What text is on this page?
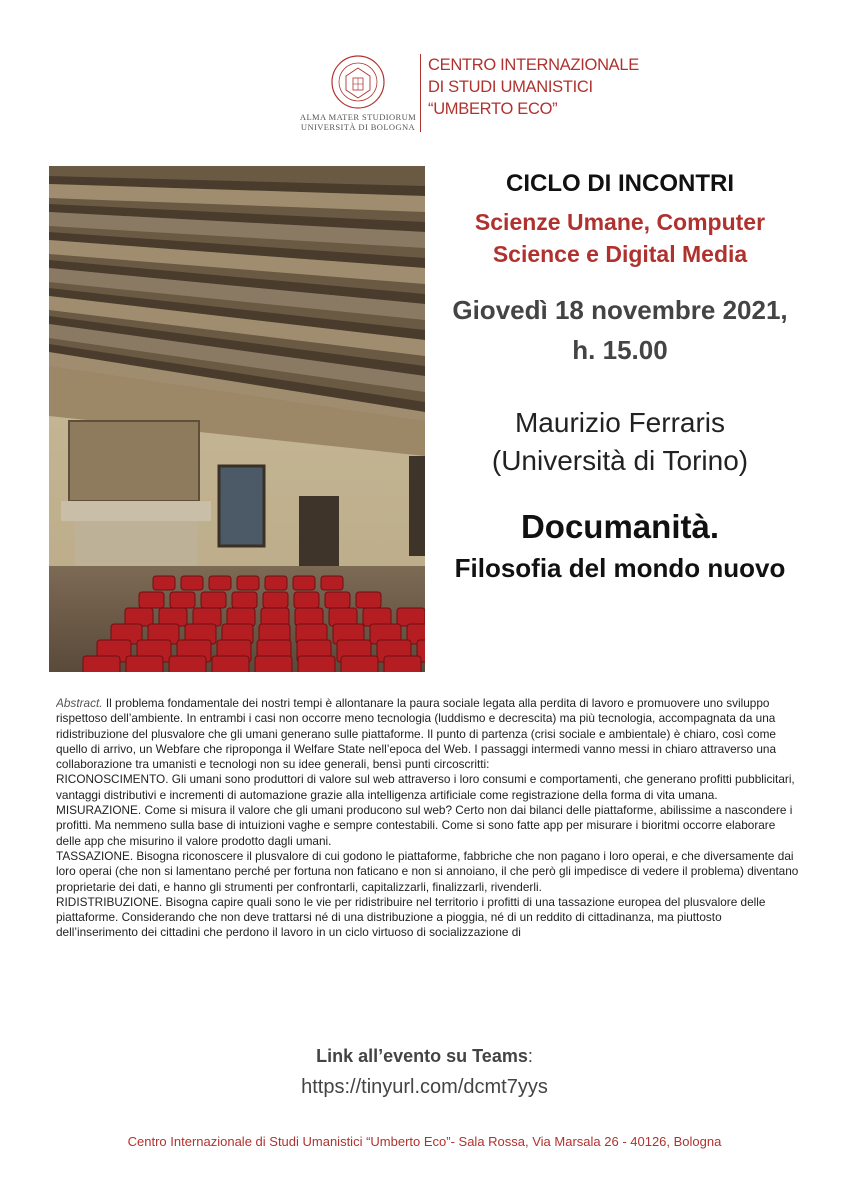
ALMA MATER STUDIORUM
UNIVERSITÀ DI BOLOGNA
CENTRO INTERNAZIONALE
DI STUDI UMANISTICI
“UMBERTO ECO”
CICLO DI INCONTRI
Scienze Umane, Computer Science e Digital Media
Giovedì 18 novembre 2021, h. 15.00
Maurizio Ferraris
(Università di Torino)
Documanità.
Filosofia del mondo nuovo

Abstract. Il problema fondamentale dei nostri tempi è allontanare la paura sociale legata alla perdita di lavoro e promuovere uno sviluppo rispettoso dell’ambiente. In entrambi i casi non occorre meno tecnologia (luddismo e decrescita) ma più tecnologia, accompagnata da una ridistribuzione del plusvalore che gli umani generano sulle piattaforme. Il punto di partenza (crisi sociale e ambientale) è chiaro, così come quello di arrivo, un Webfare che riproponga il Welfare State nell’epoca del Web. I passaggi intermedi vanno messi in chiaro attraverso una collaborazione tra umanisti e tecnologi non su idee generali, bensì punti circoscritti:

RICONOSCIMENTO. Gli umani sono produttori di valore sul web attraverso i loro consumi e comportamenti, che generano profitti pubblicitari, vantaggi distributivi e incrementi di automazione grazie alla intelligenza artificiale come registrazione della forma di vita umana.

MISURAZIONE. Come si misura il valore che gli umani producono sul web? Certo non dai bilanci delle piattaforme, abilissime a nascondere i profitti. Ma nemmeno sulla base di intuizioni vaghe e sempre contestabili. Come si sono fatte app per misurare i bioritmi occorre elaborare delle app che misurino il valore prodotto dagli umani.

TASSAZIONE. Bisogna riconoscere il plusvalore di cui godono le piattaforme, fabbriche che non pagano i loro operai, e che diversamente dai loro operai (che non si lamentano perché per fortuna non faticano e non si annoiano, il che però gli impedisce di vedere il problema) diventano proprietarie dei dati, e hanno gli strumenti per confrontarli, capitalizzarli, finalizzarli, rivenderli.

RIDISTRIBUZIONE. Bisogna capire quali sono le vie per ridistribuire nel territorio i profitti di una tassazione europea del plusvalore delle piattaforme. Considerando che non deve trattarsi né di una distribuzione a pioggia, né di un reddito di cittadinanza, ma piuttosto dell’inserimento dei cittadini che perdono il lavoro in un ciclo virtuoso di socializzazione di

Link all’evento su Teams:
https://tinyurl.com/dcmt7yys
Centro Internazionale di Studi Umanistici “Umberto Eco”- Sala Rossa, Via Marsala 26 - 40126, Bologna
